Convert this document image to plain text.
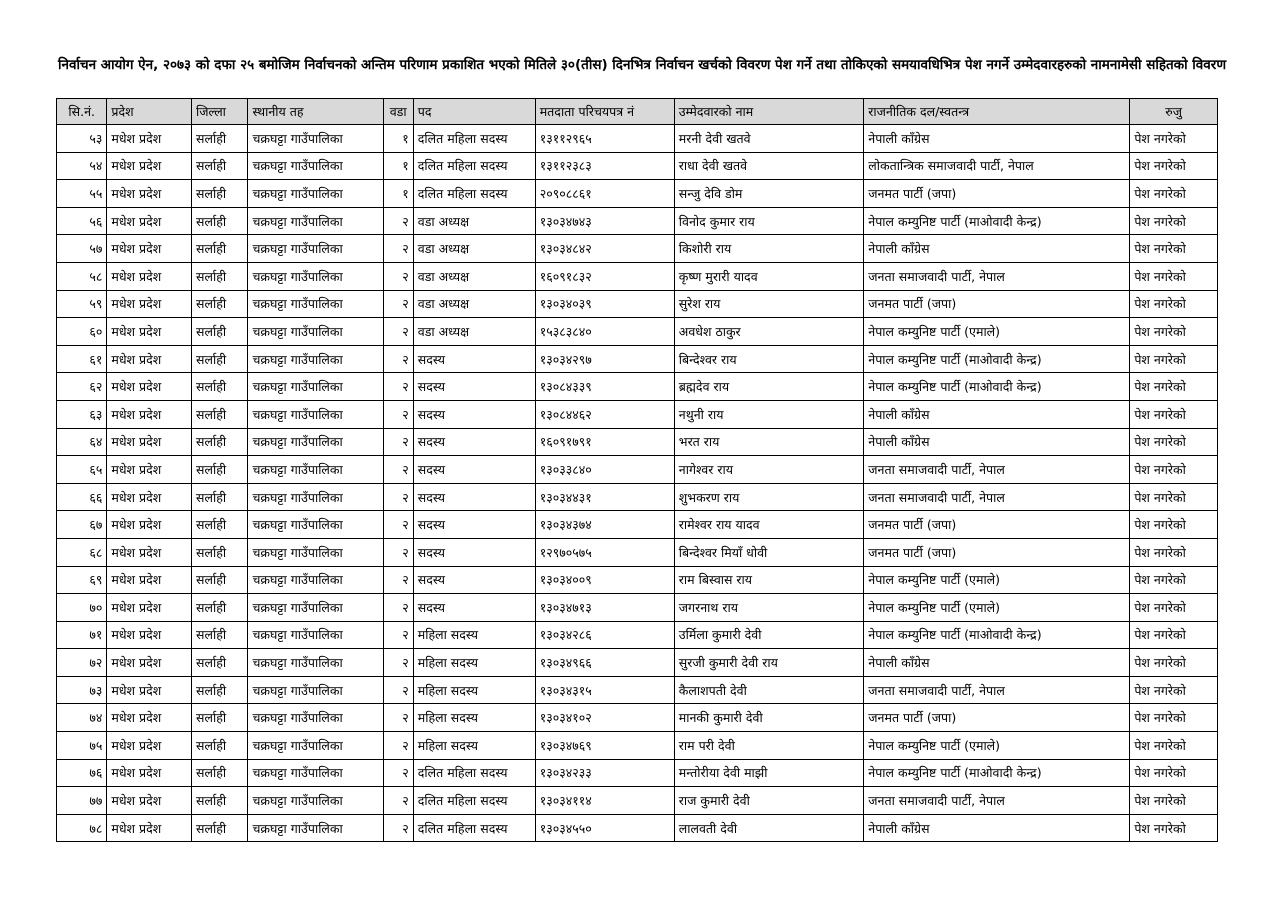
निर्वाचन आयोग ऐन, २०७३ को दफा २५ बमोजिम निर्वाचनको अन्तिम परिणाम प्रकाशित भएको मितिले ३०(तीस) दिनभित्र निर्वाचन खर्चको विवरण पेश गर्ने तथा तोकिएको समयावधिभित्र पेश नगर्ने उम्मेदवारहरुको नामनामेसी सहितको विवरण
सि.नं.	प्रदेश	जिल्ला	स्थानीय तह	वडा	पद	मतदाता परिचयपत्र नं	उम्मेदवारको नाम	राजनीतिक दल/स्वतन्त्र	रुजु
५३	मधेश प्रदेश	सर्लाही	चक्रघट्टा गाउँपालिका	१	दलित महिला सदस्य	१३११२९६५	मरनी देवी खतवे	नेपाली काँग्रेस	पेश नगरेको
५४	मधेश प्रदेश	सर्लाही	चक्रघट्टा गाउँपालिका	१	दलित महिला सदस्य	१३११२३८३	राधा देवी खतवे	लोकतान्त्रिक समाजवादी पार्टी, नेपाल	पेश नगरेको
५५	मधेश प्रदेश	सर्लाही	चक्रघट्टा गाउँपालिका	१	दलित महिला सदस्य	२०९०८८६१	सन्जु देवि डोम	जनमत पार्टी (जपा)	पेश नगरेको
५६	मधेश प्रदेश	सर्लाही	चक्रघट्टा गाउँपालिका	२	वडा अध्यक्ष	१३०३४७४३	विनोद कुमार राय	नेपाल कम्युनिष्ट पार्टी (माओवादी केन्द्र)	पेश नगरेको
५७	मधेश प्रदेश	सर्लाही	चक्रघट्टा गाउँपालिका	२	वडा अध्यक्ष	१३०३४८४२	किशोरी राय	नेपाली काँग्रेस	पेश नगरेको
५८	मधेश प्रदेश	सर्लाही	चक्रघट्टा गाउँपालिका	२	वडा अध्यक्ष	१६०९१८३२	कृष्ण मुरारी यादव	जनता समाजवादी पार्टी, नेपाल	पेश नगरेको
५९	मधेश प्रदेश	सर्लाही	चक्रघट्टा गाउँपालिका	२	वडा अध्यक्ष	१३०३४०३९	सुरेश राय	जनमत पार्टी (जपा)	पेश नगरेको
६०	मधेश प्रदेश	सर्लाही	चक्रघट्टा गाउँपालिका	२	वडा अध्यक्ष	१५३८३८४०	अवधेश ठाकुर	नेपाल कम्युनिष्ट पार्टी (एमाले)	पेश नगरेको
६१	मधेश प्रदेश	सर्लाही	चक्रघट्टा गाउँपालिका	२	सदस्य	१३०३४२९७	बिन्देश्वर राय	नेपाल कम्युनिष्ट पार्टी (माओवादी केन्द्र)	पेश नगरेको
६२	मधेश प्रदेश	सर्लाही	चक्रघट्टा गाउँपालिका	२	सदस्य	१३०८४३३९	ब्रह्मदेव राय	नेपाल कम्युनिष्ट पार्टी (माओवादी केन्द्र)	पेश नगरेको
६३	मधेश प्रदेश	सर्लाही	चक्रघट्टा गाउँपालिका	२	सदस्य	१३०८४४६२	नथुनी राय	नेपाली काँग्रेस	पेश नगरेको
६४	मधेश प्रदेश	सर्लाही	चक्रघट्टा गाउँपालिका	२	सदस्य	१६०९१७९१	भरत राय	नेपाली काँग्रेस	पेश नगरेको
६५	मधेश प्रदेश	सर्लाही	चक्रघट्टा गाउँपालिका	२	सदस्य	१३०३३८४०	नागेश्वर राय	जनता समाजवादी पार्टी, नेपाल	पेश नगरेको
६६	मधेश प्रदेश	सर्लाही	चक्रघट्टा गाउँपालिका	२	सदस्य	१३०३४४३१	शुभकरण राय	जनता समाजवादी पार्टी, नेपाल	पेश नगरेको
६७	मधेश प्रदेश	सर्लाही	चक्रघट्टा गाउँपालिका	२	सदस्य	१३०३४३७४	रामेश्वर राय यादव	जनमत पार्टी (जपा)	पेश नगरेको
६८	मधेश प्रदेश	सर्लाही	चक्रघट्टा गाउँपालिका	२	सदस्य	१२९७०५७५	बिन्देश्वर मियाँ धोवी	जनमत पार्टी (जपा)	पेश नगरेको
६९	मधेश प्रदेश	सर्लाही	चक्रघट्टा गाउँपालिका	२	सदस्य	१३०३४००९	राम बिस्वास राय	नेपाल कम्युनिष्ट पार्टी (एमाले)	पेश नगरेको
७०	मधेश प्रदेश	सर्लाही	चक्रघट्टा गाउँपालिका	२	सदस्य	१३०३४७१३	जगरनाथ राय	नेपाल कम्युनिष्ट पार्टी (एमाले)	पेश नगरेको
७१	मधेश प्रदेश	सर्लाही	चक्रघट्टा गाउँपालिका	२	महिला सदस्य	१३०३४२८६	उर्मिला कुमारी देवी	नेपाल कम्युनिष्ट पार्टी (माओवादी केन्द्र)	पेश नगरेको
७२	मधेश प्रदेश	सर्लाही	चक्रघट्टा गाउँपालिका	२	महिला सदस्य	१३०३४९६६	सुरजी कुमारी देवी राय	नेपाली काँग्रेस	पेश नगरेको
७३	मधेश प्रदेश	सर्लाही	चक्रघट्टा गाउँपालिका	२	महिला सदस्य	१३०३४३१५	कैलाशपती देवी	जनता समाजवादी पार्टी, नेपाल	पेश नगरेको
७४	मधेश प्रदेश	सर्लाही	चक्रघट्टा गाउँपालिका	२	महिला सदस्य	१३०३४१०२	मानकी कुमारी देवी	जनमत पार्टी (जपा)	पेश नगरेको
७५	मधेश प्रदेश	सर्लाही	चक्रघट्टा गाउँपालिका	२	महिला सदस्य	१३०३४७६९	राम परी देवी	नेपाल कम्युनिष्ट पार्टी (एमाले)	पेश नगरेको
७६	मधेश प्रदेश	सर्लाही	चक्रघट्टा गाउँपालिका	२	दलित महिला सदस्य	१३०३४२३३	मन्तोरीया देवी माझी	नेपाल कम्युनिष्ट पार्टी (माओवादी केन्द्र)	पेश नगरेको
७७	मधेश प्रदेश	सर्लाही	चक्रघट्टा गाउँपालिका	२	दलित महिला सदस्य	१३०३४११४	राज कुमारी देवी	जनता समाजवादी पार्टी, नेपाल	पेश नगरेको
७८	मधेश प्रदेश	सर्लाही	चक्रघट्टा गाउँपालिका	२	दलित महिला सदस्य	१३०३४५५०	लालवती देवी	नेपाली काँग्रेस	पेश नगरेको
